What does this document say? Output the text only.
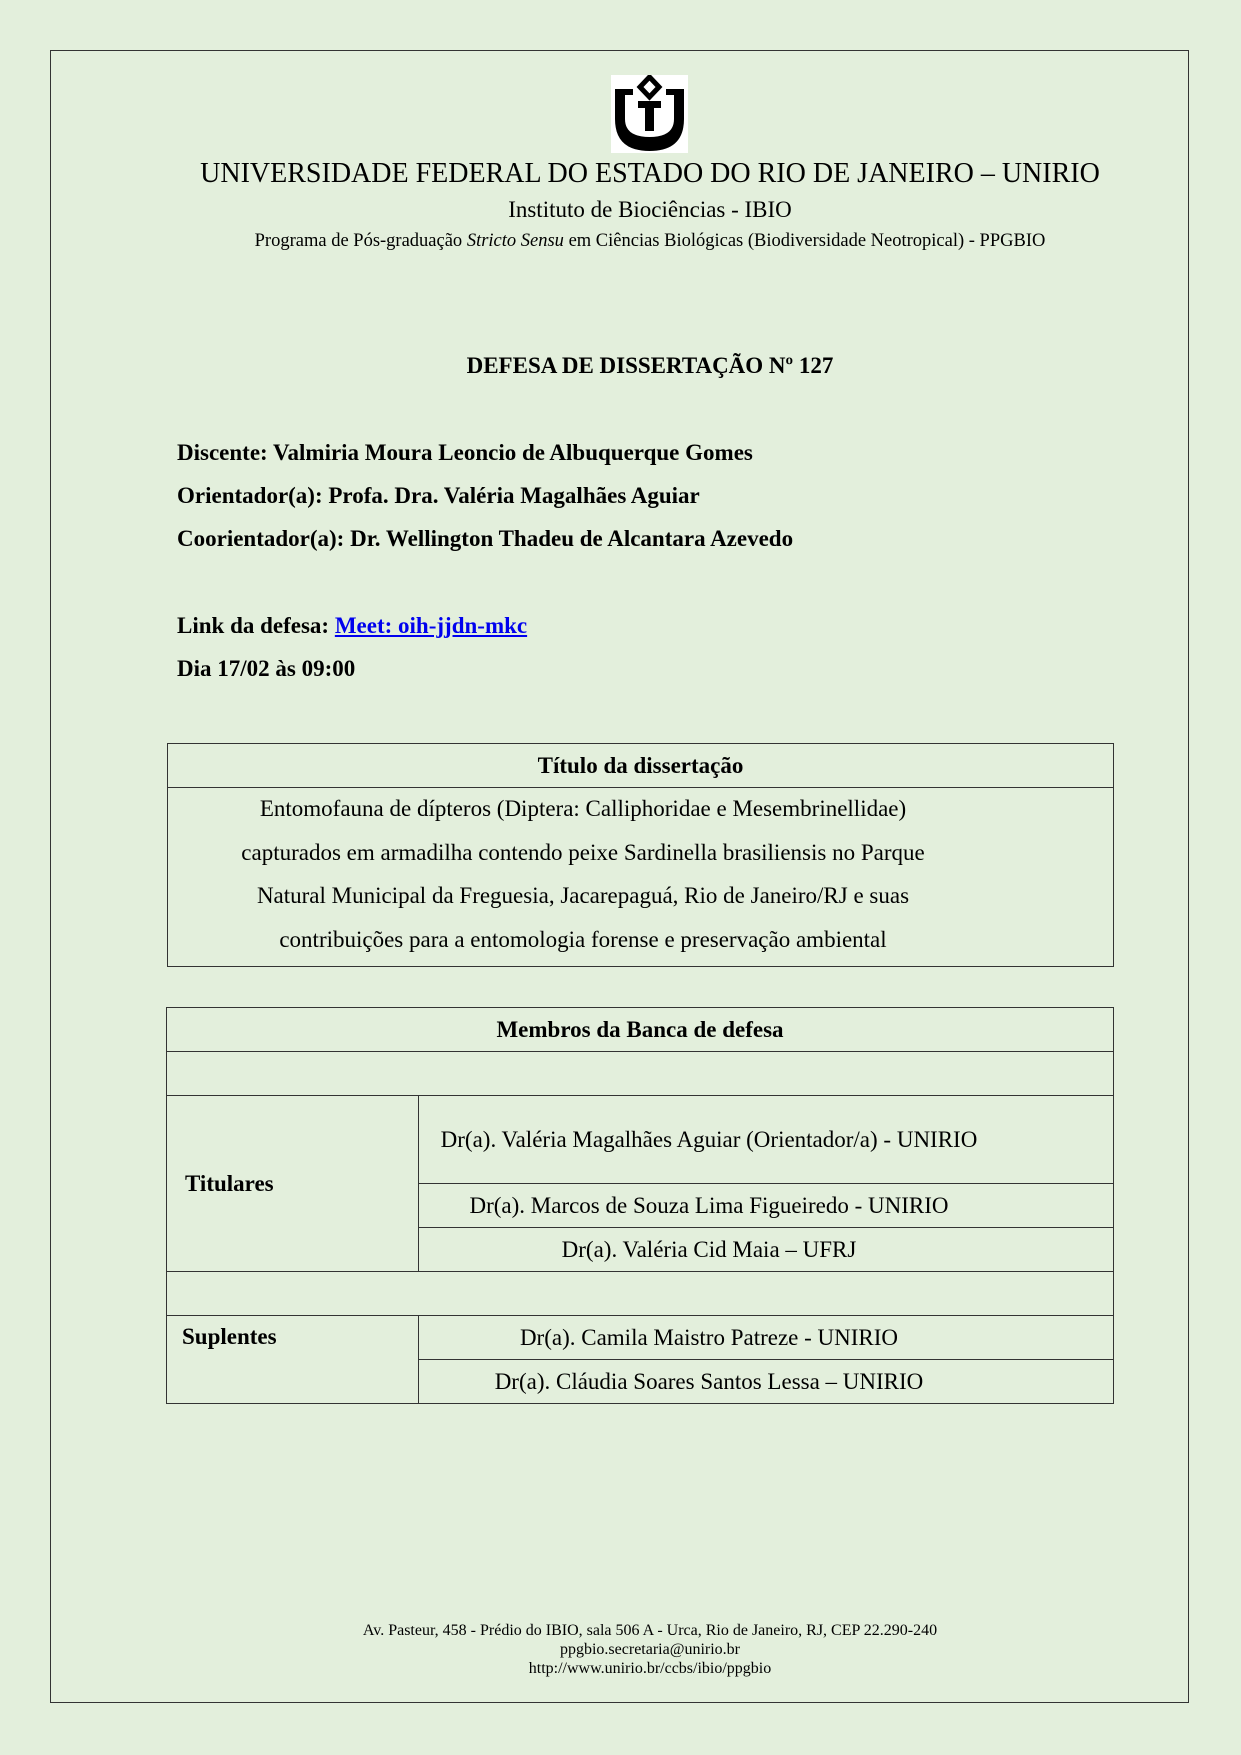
UNIVERSIDADE FEDERAL DO ESTADO DO RIO DE JANEIRO – UNIRIO
Instituto de Biociências - IBIO
Programa de Pós-graduação Stricto Sensu em Ciências Biológicas (Biodiversidade Neotropical) - PPGBIO
DEFESA DE DISSERTAÇÃO Nº 127
Discente: Valmiria Moura Leoncio de Albuquerque Gomes
Orientador(a): Profa. Dra. Valéria Magalhães Aguiar
Coorientador(a): Dr. Wellington Thadeu de Alcantara Azevedo
Link da defesa: Meet: oih-jjdn-mkc
Dia 17/02 às 09:00
Título da dissertação

Entomofauna de dípteros (Diptera: Calliphoridae e Mesembrinellidae)
capturados em armadilha contendo peixe Sardinella brasiliensis no Parque
Natural Municipal da Freguesia, Jacarepaguá, Rio de Janeiro/RJ e suas
contribuições para a entomologia forense e preservação ambiental
Membros da Banca de defesa	

Titulares	Dr(a). Valéria Magalhães Aguiar (Orientador/a) - UNIRIO

	Dr(a). Marcos de Souza Lima Figueiredo - UNIRIO

	Dr(a). Valéria Cid Maia – UFRJ

Suplentes	Dr(a). Camila Maistro Patreze - UNIRIO

	Dr(a). Cláudia Soares Santos Lessa – UNIRIO
Av. Pasteur, 458 - Prédio do IBIO, sala 506 A - Urca, Rio de Janeiro, RJ, CEP 22.290-240
ppgbio.secretaria@unirio.br
http://www.unirio.br/ccbs/ibio/ppgbio
